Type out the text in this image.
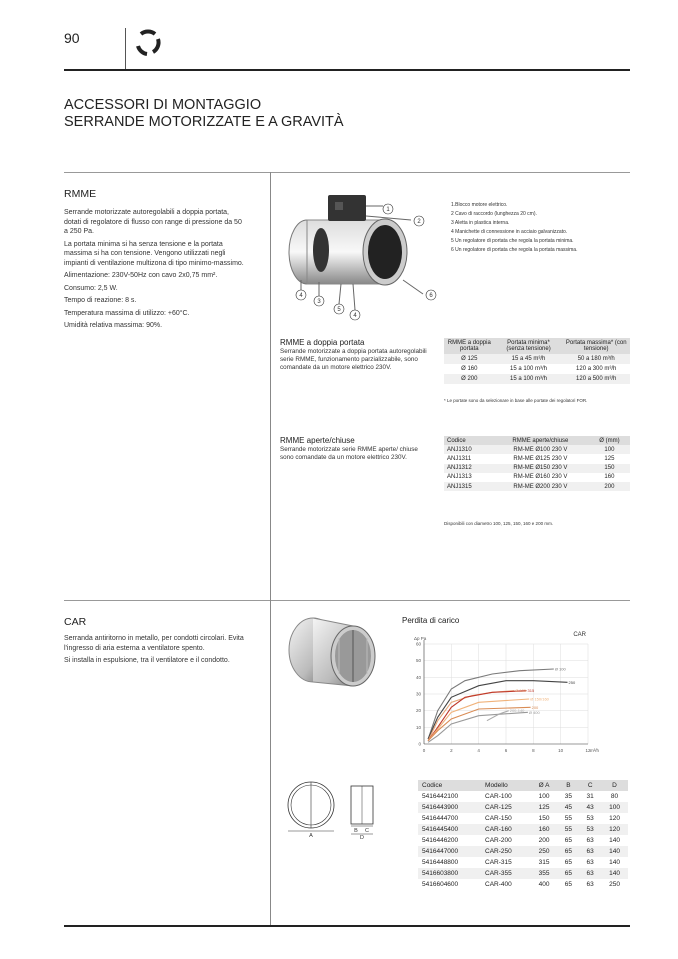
90
ACCESSORI DI MONTAGGIO
SERRANDE MOTORIZZATE E A GRAVITÀ
RMME

Serrande motorizzate autoregolabili a doppia portata, dotati di regolatore di flusso con range di pressione da 50 a 250 Pa.

La portata minima si ha senza tensione e la portata massima si ha con tensione. Vengono utilizzati negli impianti di ventilazione multizona di tipo minimo-massimo.

Alimentazione: 230V-50Hz con cavo 2x0,75 mm².

Consumo: 2,5 W.

Tempo di reazione: 8 s.

Temperatura massima di utilizzo: +60°C.

Umidità relativa massima: 90%.

1
2
3
4
5
6
4
1.Blocco motore elettrico.
2 Cavo di raccordo (lunghezza 20 cm).
3 Aletta in plastica interna.
4 Manichette di connessione in acciaio galvanizzato.
5 Un regolatore di portata che regola la portata minima.
6 Un regolatore di portata che regola la portata massima.
RMME a doppia portata
Serrande motorizzate a doppia portata autoregolabili serie RMME, funzionamento parzializzabile, sono comandate da un motore elettrico 230V.
RMME a doppia portata	Portata minima* (senza tensione)	Portata massima* (con tensione)
Ø 125	15 a 45 m³/h	50 a 180 m³/h
Ø 160	15 a 100 m³/h	120 a 300 m³/h
Ø 200	15 a 100 m³/h	120 a 500 m³/h
* Le portate sono da selezionare in base alle portate dei regolatori FOR.
RMME aperte/chiuse
Serrande motorizzate serie RMME aperte/ chiuse sono comandate da un motore elettrico 230V.
Codice	RMME aperte/chiuse	Ø (mm)
ANJ1310	RM-ME Ø100 230 V	100
ANJ1311	RM-ME Ø125 230 V	125
ANJ1312	RM-ME Ø150 230 V	150
ANJ1313	RM-ME Ø160 230 V	160
ANJ1315	RM-ME Ø200 230 V	200
Disponibili con diametro 100, 125, 150, 160 e 200 mm.
CAR

Serranda antiritorno in metallo, per condotti circolari. Evita l'ingresso di aria esterna a ventilatore spento.

Si installa in espulsione, tra il ventilatore e il condotto.

A
B C
D
Perdita di carico
0
10
20
30
40
50
60
0	2	4	6	8	10	12
Δp Pa
m³/h
CAR
Ø 100
250
Ø 125 315
Ø 150/160
200
Ø 400
200-140
Codice	Modello	Ø A	B	C	D
5416442100	CAR-100	100	35	31	80
5416443900	CAR-125	125	45	43	100
5416444700	CAR-150	150	55	53	120
5416445400	CAR-160	160	55	53	120
5416446200	CAR-200	200	65	63	140
5416447000	CAR-250	250	65	63	140
5416448800	CAR-315	315	65	63	140
5416603800	CAR-355	355	65	63	140
5416604600	CAR-400	400	65	63	250
